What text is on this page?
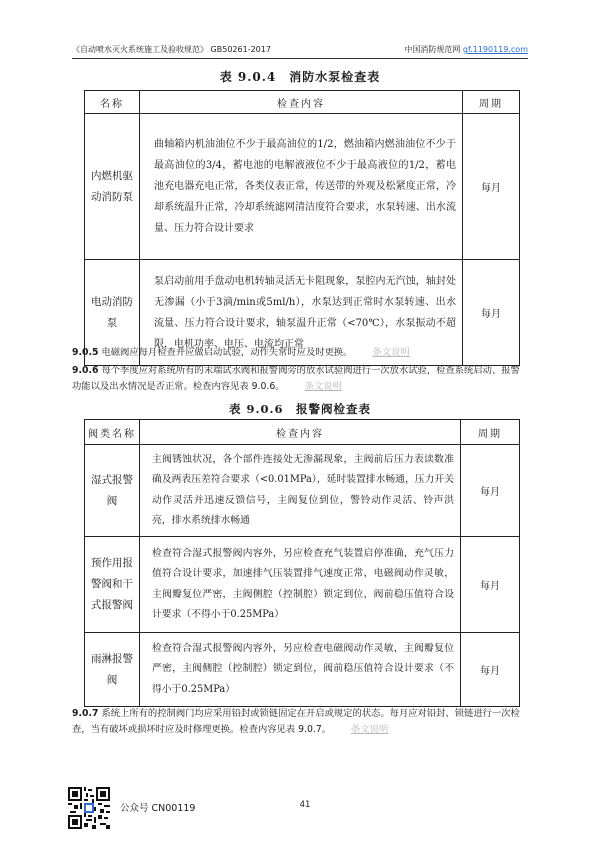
《自动喷水灭火系统施工及验收规范》 GB50261-2017	中国消防规范网 gf.1190119.com
表 9.0.4　消防水泵检查表
名称	检查内容	周期
内燃机驱动消防泵	曲轴箱内机油油位不少于最高油位的1/2，燃油箱内燃油油位不少于最高油位的3/4，蓄电池的电解液液位不少于最高液位的1/2，蓄电池充电器充电正常，各类仪表正常，传送带的外观及松紧度正常，冷却系统温升正常，冷却系统滤网清洁度符合要求，水泵转速、出水流量、压力符合设计要求	每月
电动消防泵	泵启动前用手盘动电机转轴灵活无卡阻现象，泵腔内无汽蚀，轴封处无渗漏（小于3滴/min或5ml/h），水泵达到正常时水泵转速、出水流量、压力符合设计要求，轴泵温升正常（<70℃），水泵振动不超限，电机功率、电压、电流均正常	每月
9.0.5 电磁阀应每月检查并应做启动试验，动作失常时应及时更换。 条文说明
9.0.6 每个季度应对系统所有的末端试水阀和报警阀旁的放水试验阀进行一次放水试验，检查系统启动、报警功能以及出水情况是否正常。检查内容见表 9.0.6。 条文说明
表 9.0.6　报警阀检查表
阀类名称	检查内容	周期
湿式报警阀	主阀锈蚀状况，各个部件连接处无渗漏现象，主阀前后压力表读数准确及两表压差符合要求（<0.01MPa），延时装置排水畅通，压力开关动作灵活并迅速反馈信号，主阀复位到位，警铃动作灵活、铃声洪亮，排水系统排水畅通	每月
预作用报警阀和干式报警阀	检查符合湿式报警阀内容外，另应检查充气装置启停准确，充气压力值符合设计要求，加速排气压装置排气速度正常，电磁阀动作灵敏，主阀瓣复位严密，主阀侧腔（控制腔）锁定到位，阀前稳压值符合设计要求（不得小于0.25MPa）	每月
雨淋报警阀	检查符合湿式报警阀内容外，另应检查电磁阀动作灵敏，主阀瓣复位严密，主阀侧腔（控制腔）锁定到位，阀前稳压值符合设计要求（不得小于0.25MPa）	每月
9.0.7 系统上所有的控制阀门均应采用铅封或锁链固定在开启或规定的状态。每月应对铅封、锁链进行一次检查，当有破坏或损坏时应及时修理更换。检查内容见表 9.0.7。 条文说明
公众号 CN00119	41
